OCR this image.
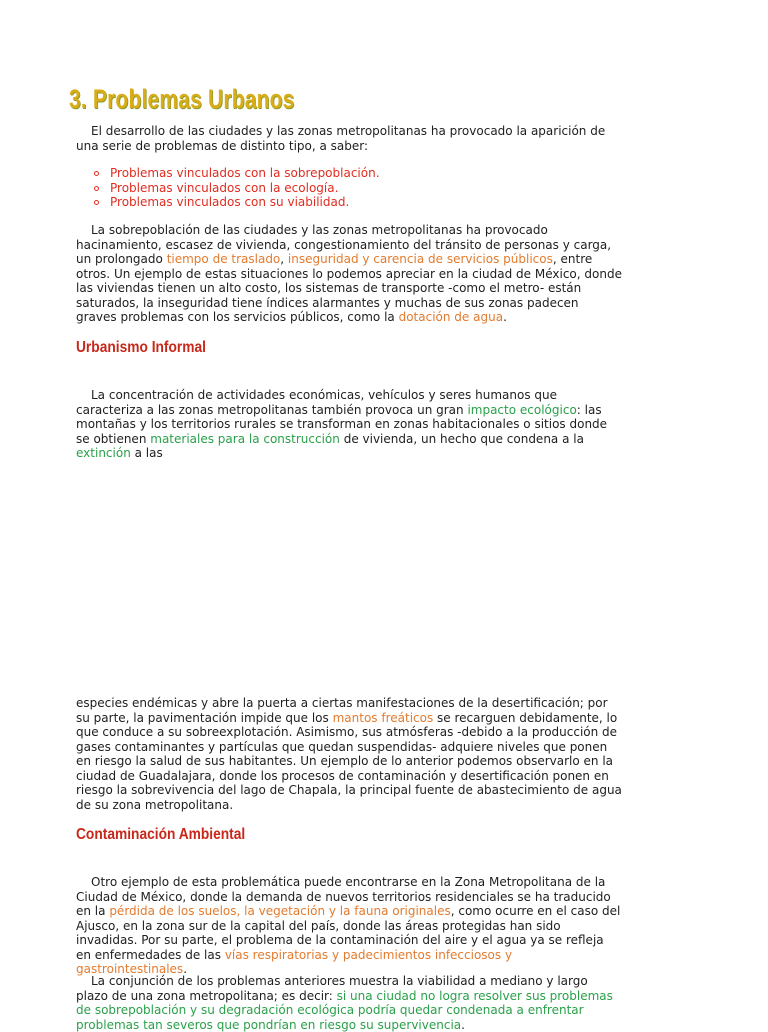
3. Problemas Urbanos

El desarrollo de las ciudades y las zonas metropolitanas ha provocado la aparición de una serie de problemas de distinto tipo, a saber:

Problemas vinculados con la sobrepoblación.
Problemas vinculados con la ecología.
Problemas vinculados con su viabilidad.

La sobrepoblación de las ciudades y las zonas metropolitanas ha provocado hacinamiento, escasez de vivienda, congestionamiento del tránsito de personas y carga, un prolongado tiempo de traslado, inseguridad y carencia de servicios públicos, entre otros. Un ejemplo de estas situaciones lo podemos apreciar en la ciudad de México, donde las viviendas tienen un alto costo, los sistemas de transporte -como el metro- están saturados, la inseguridad tiene índices alarmantes y muchas de sus zonas padecen graves problemas con los servicios públicos, como la dotación de agua.

Urbanismo Informal

La concentración de actividades económicas, vehículos y seres humanos que caracteriza a las zonas metropolitanas también provoca un gran impacto ecológico: las montañas y los territorios rurales se transforman en zonas habitacionales o sitios donde se obtienen materiales para la construcción de vivienda, un hecho que condena a la extinción a las

especies endémicas y abre la puerta a ciertas manifestaciones de la desertificación; por su parte, la pavimentación impide que los mantos freáticos se recarguen debidamente, lo que conduce a su sobreexplotación. Asimismo, sus atmósferas -debido a la producción de gases contaminantes y partículas que quedan suspendidas- adquiere niveles que ponen en riesgo la salud de sus habitantes. Un ejemplo de lo anterior podemos observarlo en la ciudad de Guadalajara, donde los procesos de contaminación y desertificación ponen en riesgo la sobrevivencia del lago de Chapala, la principal fuente de abastecimiento de agua de su zona metropolitana.

Contaminación Ambiental

Otro ejemplo de esta problemática puede encontrarse en la Zona Metropolitana de la Ciudad de México, donde la demanda de nuevos territorios residenciales se ha traducido en la pérdida de los suelos, la vegetación y la fauna originales, como ocurre en el caso del Ajusco, en la zona sur de la capital del país, donde las áreas protegidas han sido invadidas. Por su parte, el problema de la contaminación del aire y el agua ya se refleja en enfermedades de las vías respiratorias y padecimientos infecciosos y gastrointestinales.

La conjunción de los problemas anteriores muestra la viabilidad a mediano y largo plazo de una zona metropolitana; es decir: si una ciudad no logra resolver sus problemas de sobrepoblación y su degradación ecológica podría quedar condenada a enfrentar problemas tan severos que pondrían en riesgo su supervivencia.
